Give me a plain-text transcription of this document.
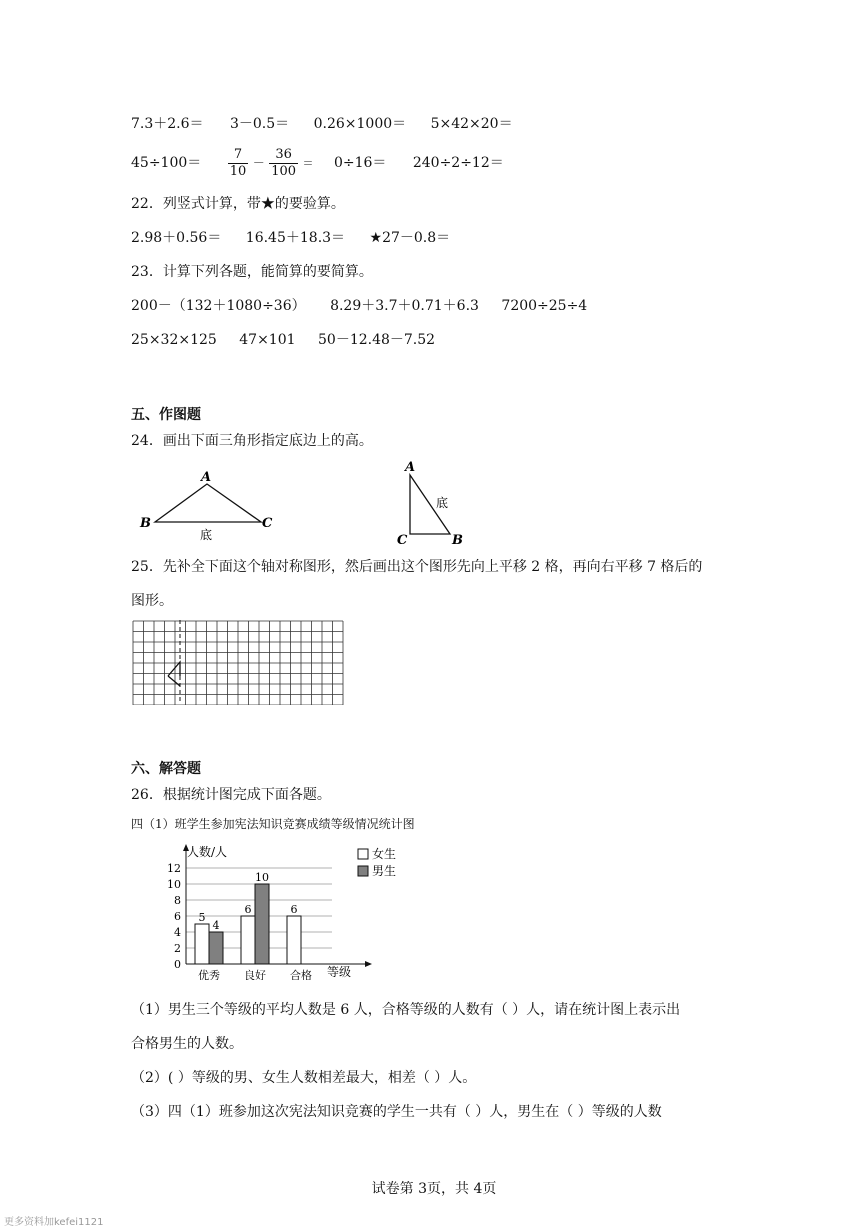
7.3＋2.6＝ 3－0.5＝ 0.26×1000＝ 5×42×20＝
$45\div 100= \frac{7}{10} - \frac{36}{100} = 0\div 16= 240\div 2\div 12=$
22．列竖式计算，带★的要验算。
2.98＋0.56＝ 16.45＋18.3＝ ★27－0.8＝
23．计算下列各题，能简算的要简算。
200－（132＋1080÷36） 8.29＋3.7＋0.71＋6.3 7200÷25÷4
25×32×125 47×101 50－12.48－7.52
五、作图题
24．画出下面三角形指定底边上的高。
A
B	C
底
A
C	B
底
25．先补全下面这个轴对称图形，然后画出这个图形先向上平移 2 格，再向右平移 7 格后的
图形。
六、解答题
26．根据统计图完成下面各题。
四（1）班学生参加宪法知识竞赛成绩等级情况统计图
0
2
4
6
8
10
12
5
4
优秀
6
10
良好
6
合格
人数/人
等级
女生
男生
（1）男生三个等级的平均人数是 6 人，合格等级的人数有（ ）人，请在统计图上表示出
合格男生的人数。
（2）( ）等级的男、女生人数相差最大，相差（ ）人。
（3）四（1）班参加这次宪法知识竞赛的学生一共有（ ）人，男生在（ ）等级的人数
试卷第 3页，共 4页
更多资料加kefei1121
